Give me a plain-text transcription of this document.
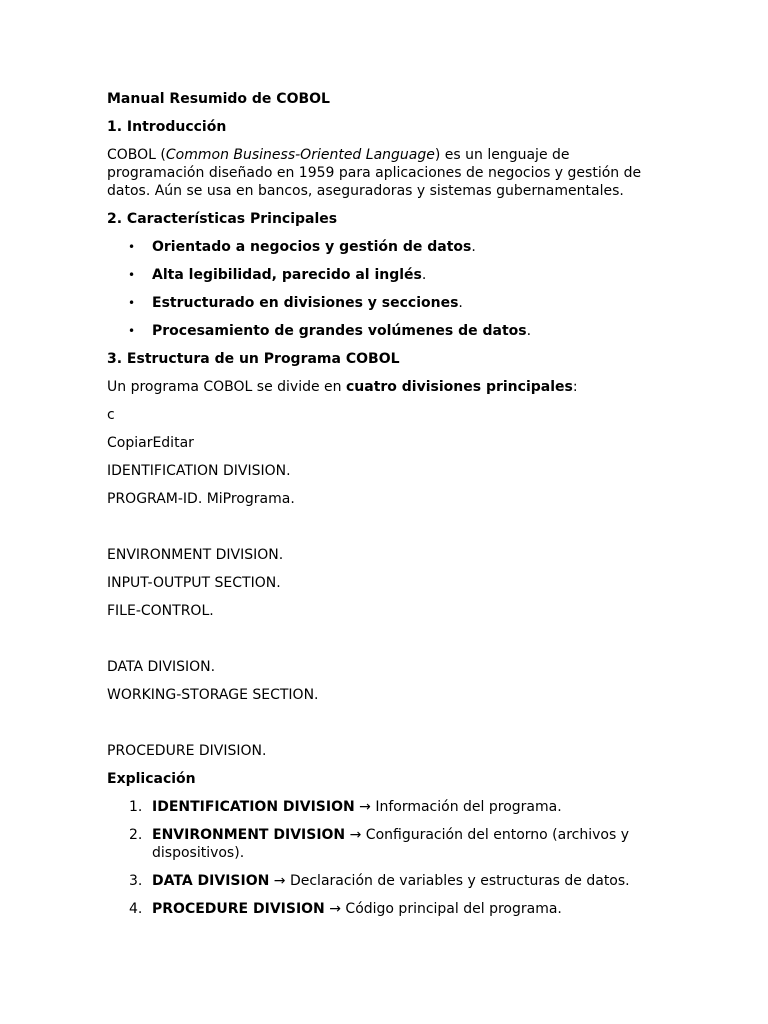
Manual Resumido de COBOL

1. Introducción

COBOL (Common Business-Oriented Language) es un lenguaje de programación diseñado en 1959 para aplicaciones de negocios y gestión de datos. Aún se usa en bancos, aseguradoras y sistemas gubernamentales.

2. Características Principales

• Orientado a negocios y gestión de datos.
• Alta legibilidad, parecido al inglés.
• Estructurado en divisiones y secciones.
• Procesamiento de grandes volúmenes de datos.

3. Estructura de un Programa COBOL

Un programa COBOL se divide en cuatro divisiones principales:

c

CopiarEditar

IDENTIFICATION DIVISION.

PROGRAM-ID. MiPrograma.

ENVIRONMENT DIVISION.

INPUT-OUTPUT SECTION.

FILE-CONTROL.

DATA DIVISION.

WORKING-STORAGE SECTION.

PROCEDURE DIVISION.

Explicación

1. IDENTIFICATION DIVISION → Información del programa.
2. ENVIRONMENT DIVISION → Configuración del entorno (archivos y dispositivos).
3. DATA DIVISION → Declaración de variables y estructuras de datos.
4. PROCEDURE DIVISION → Código principal del programa.
